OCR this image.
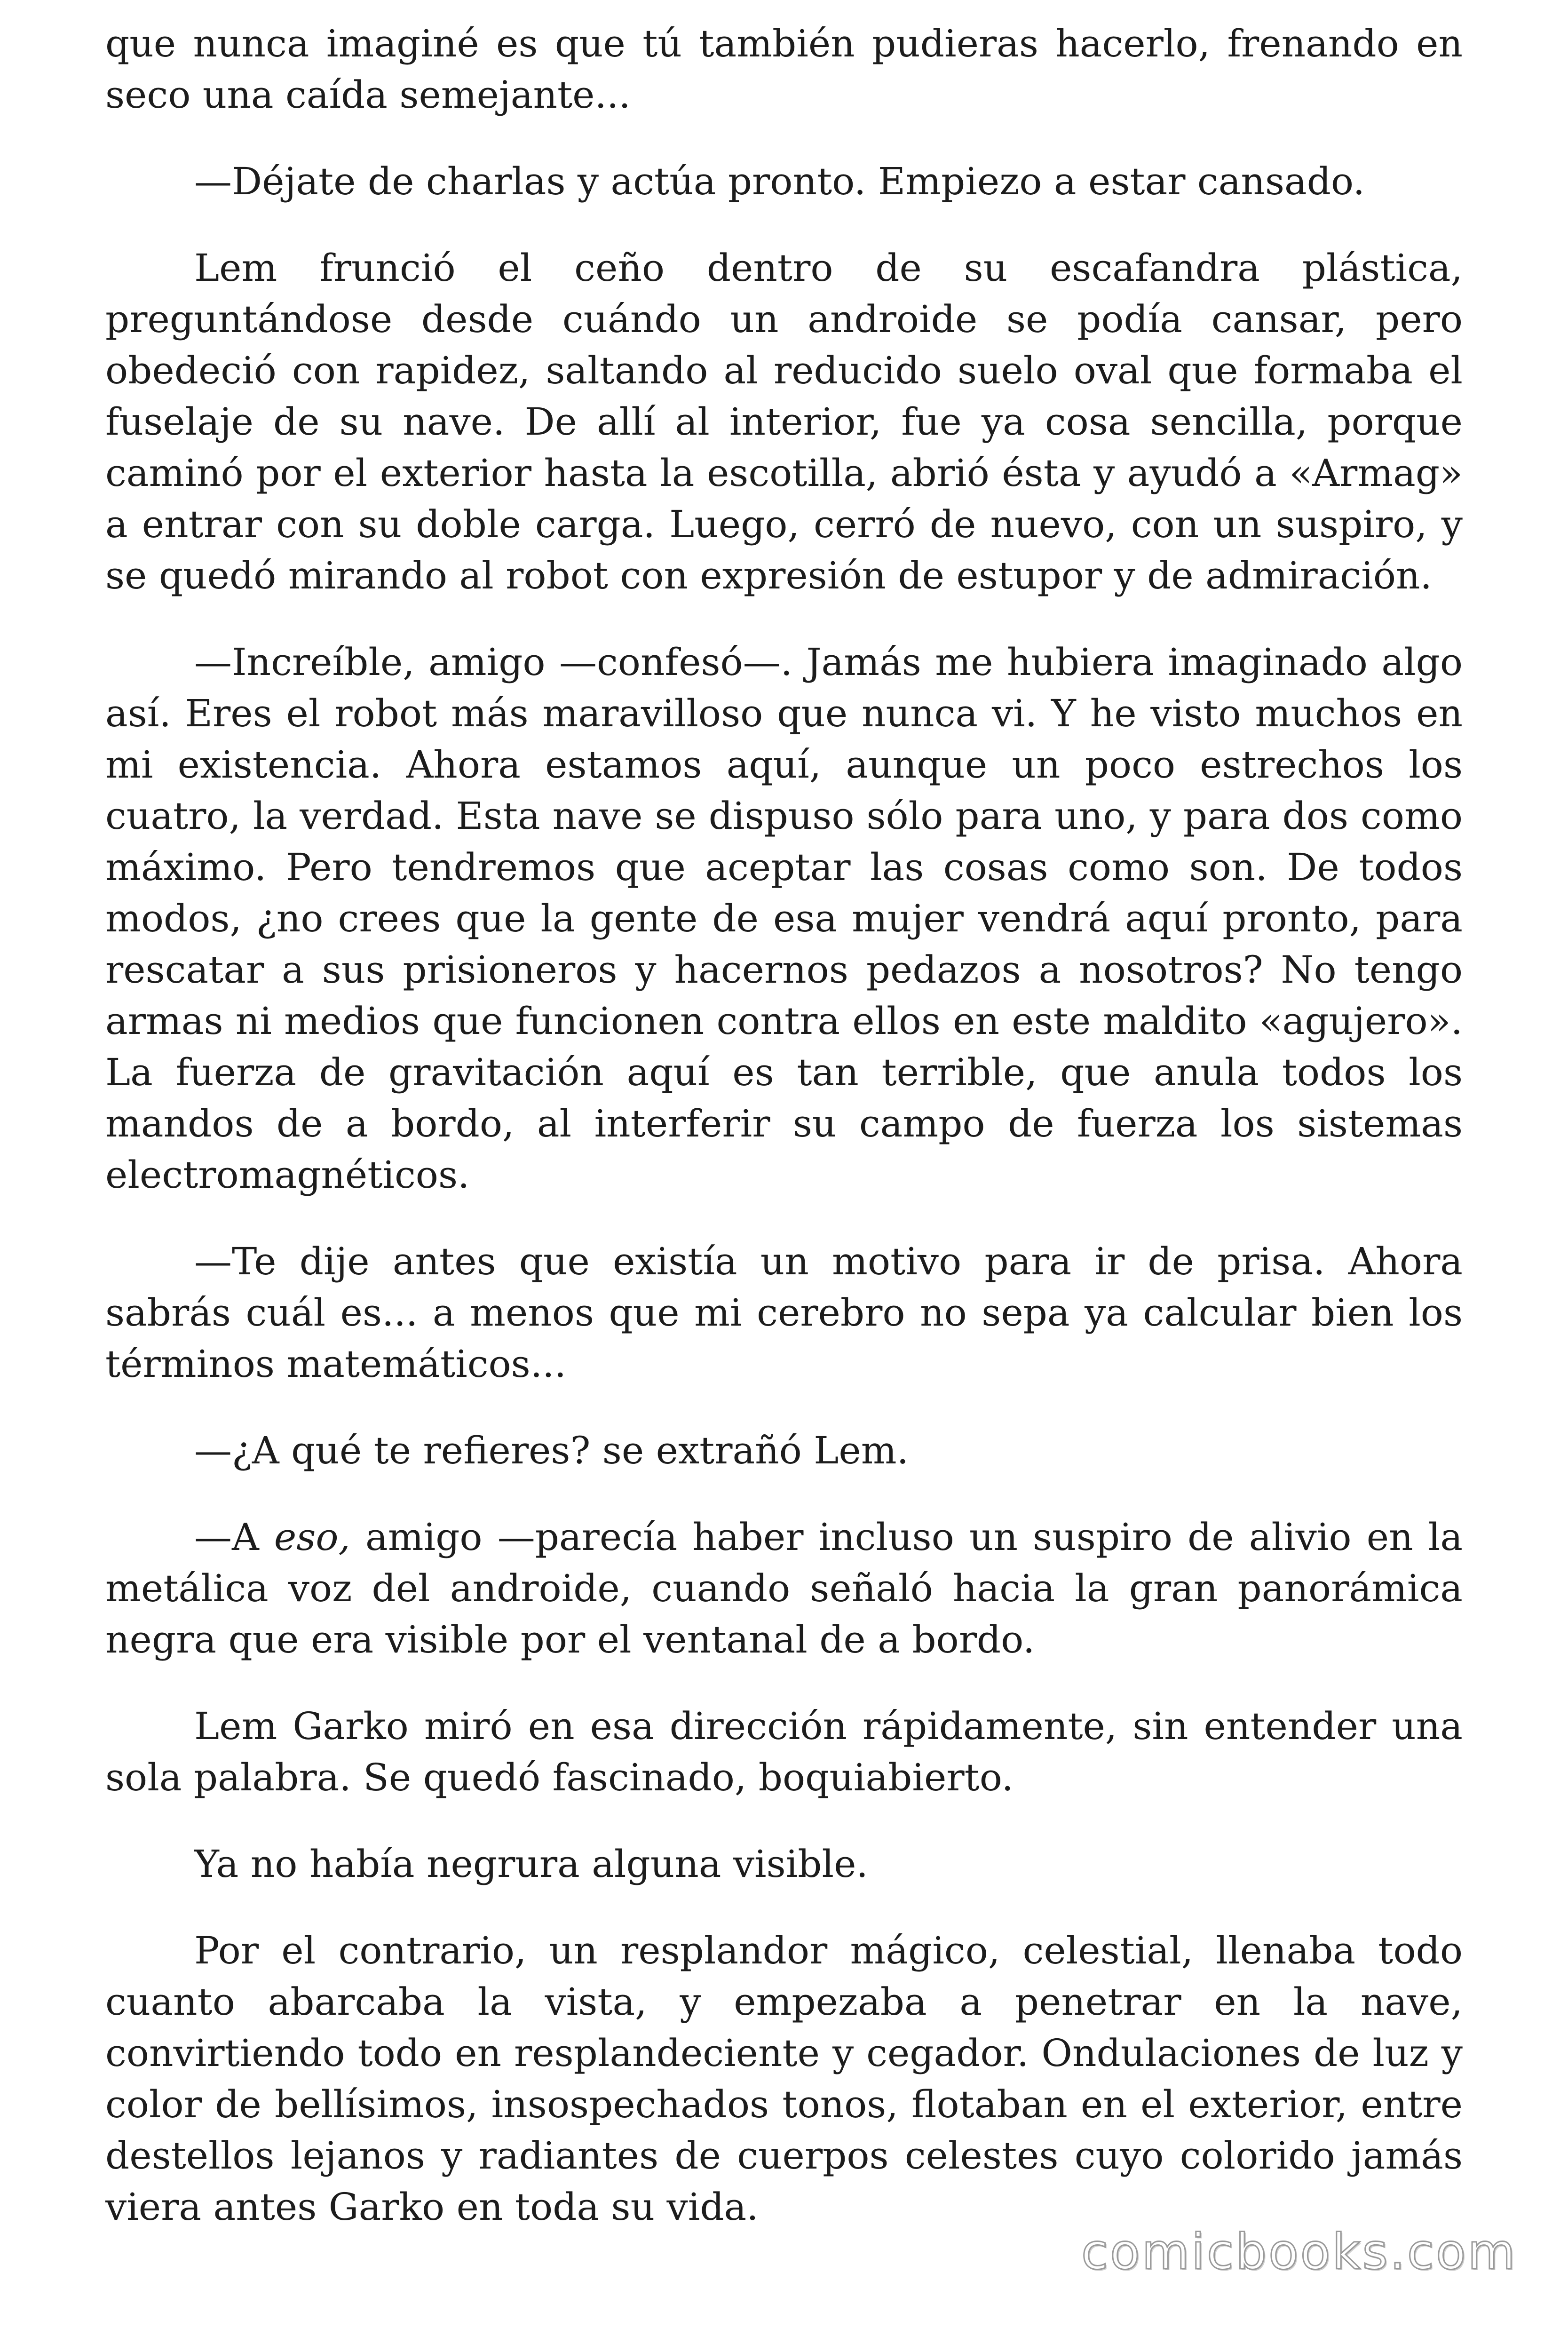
que nunca imaginé es que tú también pudieras hacerlo, frenando en seco una caída semejante...

—Déjate de charlas y actúa pronto. Empiezo a estar cansado.

Lem frunció el ceño dentro de su escafandra plástica, preguntándose desde cuándo un androide se podía cansar, pero obedeció con rapidez, saltando al reducido suelo oval que formaba el fuselaje de su nave. De allí al interior, fue ya cosa sencilla, porque caminó por el exterior hasta la escotilla, abrió ésta y ayudó a «Armag» a entrar con su doble carga. Luego, cerró de nuevo, con un suspiro, y se quedó mirando al robot con expresión de estupor y de admiración.

—Increíble, amigo —confesó—. Jamás me hubiera imaginado algo así. Eres el robot más maravilloso que nunca vi. Y he visto muchos en mi existencia. Ahora estamos aquí, aunque un poco estrechos los cuatro, la verdad. Esta nave se dispuso sólo para uno, y para dos como máximo. Pero tendremos que aceptar las cosas como son. De todos modos, ¿no crees que la gente de esa mujer vendrá aquí pronto, para rescatar a sus prisioneros y hacernos pedazos a nosotros? No tengo armas ni medios que funcionen contra ellos en este maldito «agujero». La fuerza de gravitación aquí es tan terrible, que anula todos los mandos de a bordo, al interferir su campo de fuerza los sistemas electromagnéticos.

—Te dije antes que existía un motivo para ir de prisa. Ahora sabrás cuál es... a menos que mi cerebro no sepa ya calcular bien los términos matemáticos...

—¿A qué te refieres? se extrañó Lem.

—A eso, amigo —parecía haber incluso un suspiro de alivio en la metálica voz del androide, cuando señaló hacia la gran panorámica negra que era visible por el ventanal de a bordo.

Lem Garko miró en esa dirección rápidamente, sin entender una sola palabra. Se quedó fascinado, boquiabierto.

Ya no había negrura alguna visible.

Por el contrario, un resplandor mágico, celestial, llenaba todo cuanto abarcaba la vista, y empezaba a penetrar en la nave, convirtiendo todo en resplandeciente y cegador. Ondulaciones de luz y color de bellísimos, insospechados tonos, flotaban en el exterior, entre destellos lejanos y radiantes de cuerpos celestes cuyo colorido jamás viera antes Garko en toda su vida.

comicbooks.com
